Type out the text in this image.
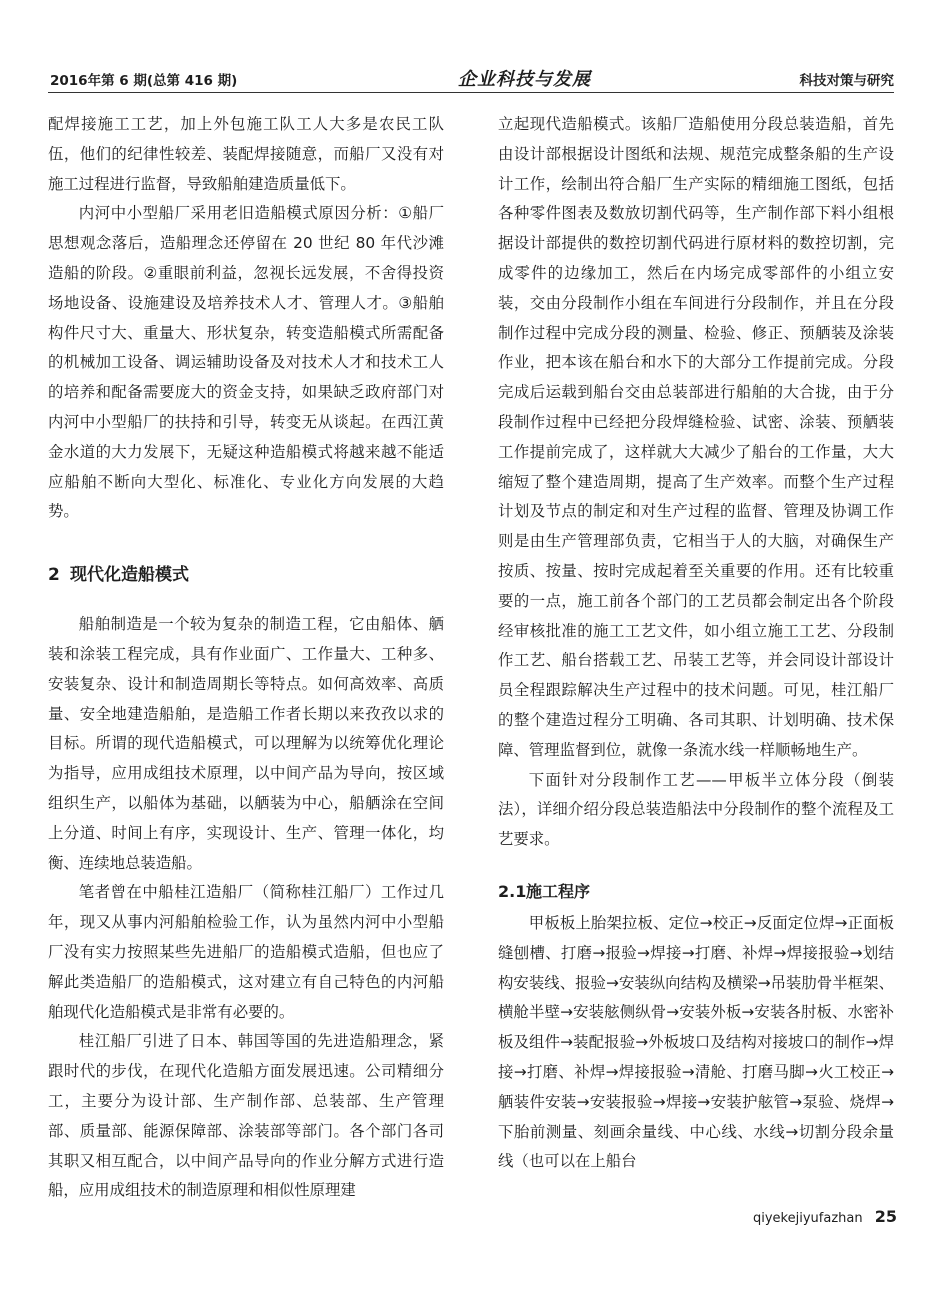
2016年第 6 期(总第 416 期)	企业科技与发展	科技对策与研究

配焊接施工工艺，加上外包施工队工人大多是农民工队伍，他们的纪律性较差、装配焊接随意，而船厂又没有对施工过程进行监督，导致船舶建造质量低下。

内河中小型船厂采用老旧造船模式原因分析：①船厂思想观念落后，造船理念还停留在 20 世纪 80 年代沙滩造船的阶段。②重眼前利益，忽视长远发展，不舍得投资场地设备、设施建设及培养技术人才、管理人才。③船舶构件尺寸大、重量大、形状复杂，转变造船模式所需配备的机械加工设备、调运辅助设备及对技术人才和技术工人的培养和配备需要庞大的资金支持，如果缺乏政府部门对内河中小型船厂的扶持和引导，转变无从谈起。在西江黄金水道的大力发展下，无疑这种造船模式将越来越不能适应船舶不断向大型化、标准化、专业化方向发展的大趋势。

2 现代化造船模式

船舶制造是一个较为复杂的制造工程，它由船体、舾装和涂装工程完成，具有作业面广、工作量大、工种多、安装复杂、设计和制造周期长等特点。如何高效率、高质量、安全地建造船舶，是造船工作者长期以来孜孜以求的目标。所谓的现代造船模式，可以理解为以统筹优化理论为指导，应用成组技术原理，以中间产品为导向，按区域组织生产，以船体为基础，以舾装为中心，船舾涂在空间上分道、时间上有序，实现设计、生产、管理一体化，均衡、连续地总装造船。

笔者曾在中船桂江造船厂（简称桂江船厂）工作过几年，现又从事内河船舶检验工作，认为虽然内河中小型船厂没有实力按照某些先进船厂的造船模式造船，但也应了解此类造船厂的造船模式，这对建立有自己特色的内河船舶现代化造船模式是非常有必要的。

桂江船厂引进了日本、韩国等国的先进造船理念，紧跟时代的步伐，在现代化造船方面发展迅速。公司精细分工，主要分为设计部、生产制作部、总装部、生产管理部、质量部、能源保障部、涂装部等部门。各个部门各司其职又相互配合，以中间产品导向的作业分解方式进行造船，应用成组技术的制造原理和相似性原理建

立起现代造船模式。该船厂造船使用分段总装造船，首先由设计部根据设计图纸和法规、规范完成整条船的生产设计工作，绘制出符合船厂生产实际的精细施工图纸，包括各种零件图表及数放切割代码等，生产制作部下料小组根据设计部提供的数控切割代码进行原材料的数控切割，完成零件的边缘加工，然后在内场完成零部件的小组立安装，交由分段制作小组在车间进行分段制作，并且在分段制作过程中完成分段的测量、检验、修正、预舾装及涂装作业，把本该在船台和水下的大部分工作提前完成。分段完成后运载到船台交由总装部进行船舶的大合拢，由于分段制作过程中已经把分段焊缝检验、试密、涂装、预舾装工作提前完成了，这样就大大减少了船台的工作量，大大缩短了整个建造周期，提高了生产效率。而整个生产过程计划及节点的制定和对生产过程的监督、管理及协调工作则是由生产管理部负责，它相当于人的大脑，对确保生产按质、按量、按时完成起着至关重要的作用。还有比较重要的一点，施工前各个部门的工艺员都会制定出各个阶段经审核批准的施工工艺文件，如小组立施工工艺、分段制作工艺、船台搭载工艺、吊装工艺等，并会同设计部设计员全程跟踪解决生产过程中的技术问题。可见，桂江船厂的整个建造过程分工明确、各司其职、计划明确、技术保障、管理监督到位，就像一条流水线一样顺畅地生产。

下面针对分段制作工艺——甲板半立体分段（倒装法），详细介绍分段总装造船法中分段制作的整个流程及工艺要求。

2.1施工程序

甲板板上胎架拉板、定位→校正→反面定位焊→正面板缝刨槽、打磨→报验→焊接→打磨、补焊→焊接报验→划结构安装线、报验→安装纵向结构及横梁→吊装肋骨半框架、横舱半壁→安装舷侧纵骨→安装外板→安装各肘板、水密补板及组件→装配报验→外板坡口及结构对接坡口的制作→焊接→打磨、补焊→焊接报验→清舱、打磨马脚→火工校正→舾装件安装→安装报验→焊接→安装护舷管→泵验、烧焊→下胎前测量、刻画余量线、中心线、水线→切割分段余量线（也可以在上船台

qiyekejiyufazhan 25
